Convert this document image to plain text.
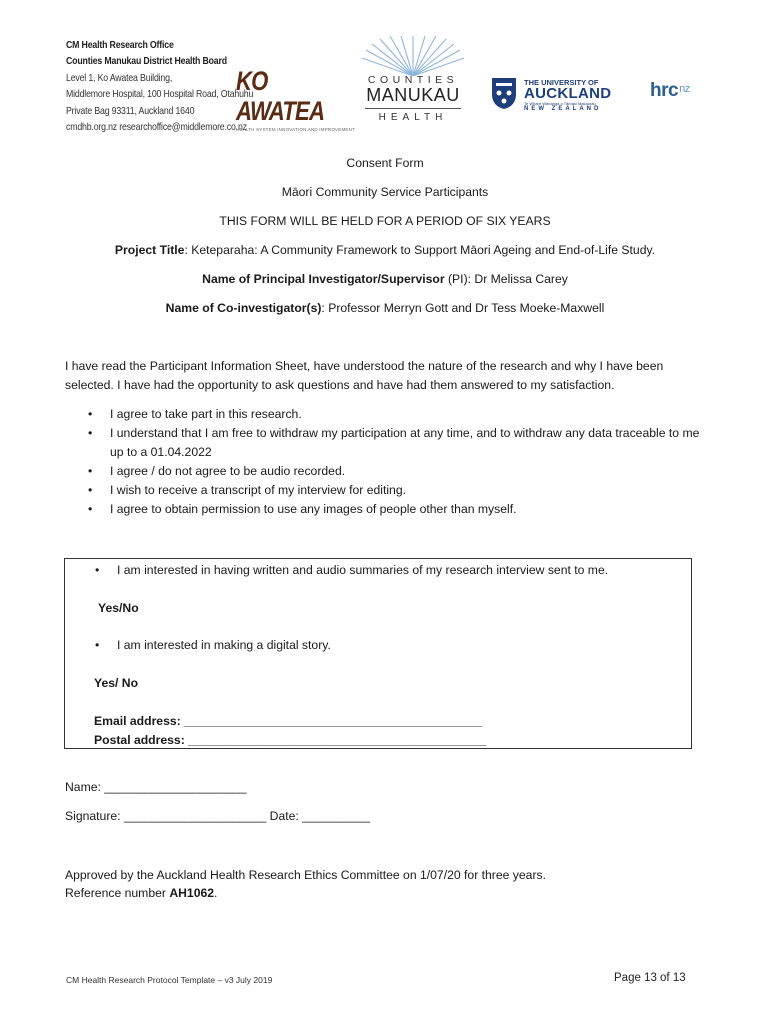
CM Health Research Office
Counties Manukau District Health Board
Level 1, Ko Awatea Building,
Middlemore Hospital, 100 Hospital Road, Otahuhu
Private Bag 93311, Auckland 1640
cmdhb.org.nz researchoffice@middlemore.co.nz
KO AWATEA
HEALTH SYSTEM INNOVATION AND IMPROVEMENT
COUNTIES
MANUKAU
HEALTH
THE UNIVERSITY OF
AUCKLAND
Te Whare Wānanga o Tāmaki Makaurau
NEW ZEALAND
hrc$^{nz}$
Consent Form
Māori Community Service Participants
THIS FORM WILL BE HELD FOR A PERIOD OF SIX YEARS
Project Title: Keteparaha: A Community Framework to Support Māori Ageing and End-of-Life Study.
Name of Principal Investigator/Supervisor (PI): Dr Melissa Carey
Name of Co-investigator(s): Professor Merryn Gott and Dr Tess Moeke-Maxwell
I have read the Participant Information Sheet, have understood the nature of the research and why I have been
selected. I have had the opportunity to ask questions and have had them answered to my satisfaction.
• I agree to take part in this research.
• I understand that I am free to withdraw my participation at any time, and to withdraw any data traceable to me up to a 01.04.2022
• I agree / do not agree to be audio recorded.
• I wish to receive a transcript of my interview for editing.
• I agree to obtain permission to use any images of people other than myself.
• I am interested in having written and audio summaries of my research interview sent to me.
Yes/No
• I am interested in making a digital story.
Yes/ No
Email address: ____________________________________________
Postal address: ____________________________________________
Name: _____________________
Signature: _____________________ Date: __________
Approved by the Auckland Health Research Ethics Committee on 1/07/20 for three years.
Reference number AH1062.
CM Health Research Protocol Template – v3 July 2019	Page 13 of 13
